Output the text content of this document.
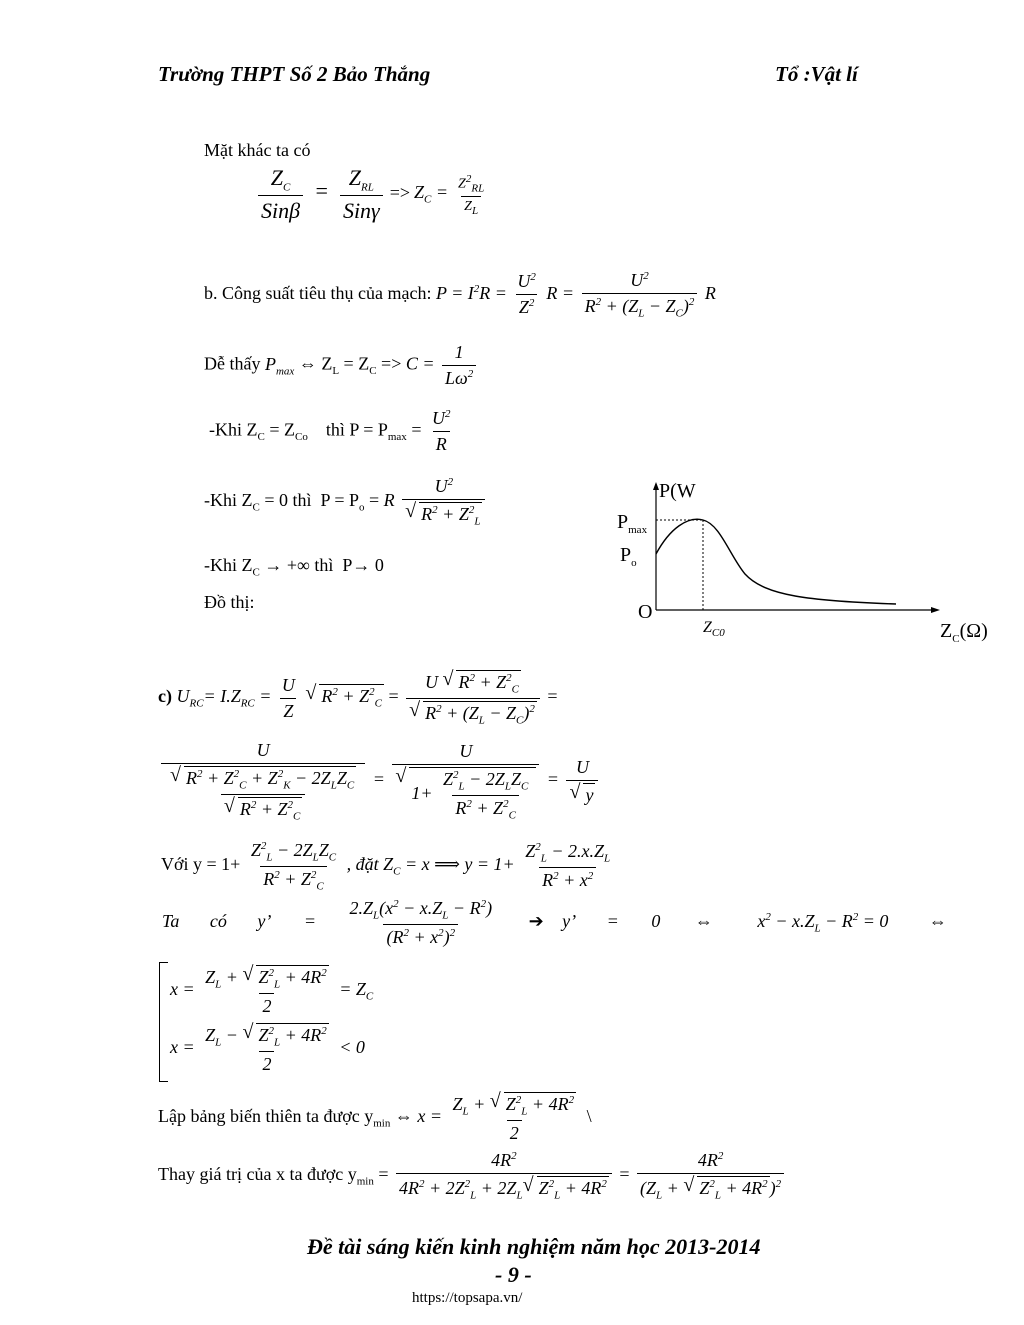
Trường THPT Số 2 Bảo Thắng	Tổ :Vật lí
Mặt khác ta có
$\frac{Z_C}{\text{Sinβ}} = \frac{Z_{RL}}{\text{Sinγ}} => Z_C = \frac{Z^2_{RL}}{Z_L}$
b. Công suất tiêu thụ của mạch: $P = I^2R = \frac{U^2}{Z^2}$ $R = \frac{U^2}{R^2 + (Z_L - Z_C)^2}$ R
Dễ thấy $P_{max}$ ⇔ $Z_L = Z_C => C = \frac{1}{L\omega^2}$
-Khi $Z_C = Z_{Co}$    thì $P = P_{max} = \frac{U^2}{R}$
-Khi $Z_C = 0$ thì  $P = P_o = R$ $U^2$
√ $R^2 + Z^2_L$
-Khi $Z_C$ → +∞ thì  P→ 0
Đồ thị:
P(W
$P_{max}$
$P_o$
O
$Z_{C0}$	$Z_C(\Omega)$
c) $U_{RC}= I.Z_{RC} = \frac{U}{Z}$ √ $R^2 + Z^2_C = U$ √ $R^2 + Z^2_C$
√ $R^2 + (Z_L - Z_C)^2$ =
U
√ $R^2 + Z^2_C + Z^2_K - 2Z_LZ_C$
√ $R^2 + Z^2_C = U$
√ $1+ \frac{Z^2_L - 2Z_LZ_C}{R^2 + Z^2_C} = U$
√ y
Với $y = 1+ \frac{Z^2_L - 2Z_LZ_C}{R^2 + Z^2_C}$ , đặt $Z_C = x$ ⟹ $y = 1+ \frac{Z^2_L - 2.x.Z_L}{R^2 + x^2}$
Ta có y’ = $\frac{2.Z_L(x^2 - x.Z_L - R^2)}{(R^2 + x^2)^2}$ ➔ y’ = 0 ⇔ $x^2 - x.Z_L - R^2 = 0$ ⇔
$x = \frac{Z_L + √ Z^2_L + 4R^2}{2} = Z_C$
$x = \frac{Z_L - √ Z^2_L + 4R^2}{2} < 0$
Lập bảng biến thiên ta được $y_{min}$ ⇔ $x = \frac{Z_L + √ Z^2_L + 4R^2}{2}$ \
Thay giá trị của x ta được $y_{min} = \frac{4R^2}{4R^2 + 2Z^2_L + 2Z_L √ Z^2_L + 4R^2} = \frac{4R^2}{(Z_L + √ Z^2_L + 4R^2 )^2}$
Đề tài sáng kiến kinh nghiệm năm học 2013-2014
- 9 -
https://topsapa.vn/
